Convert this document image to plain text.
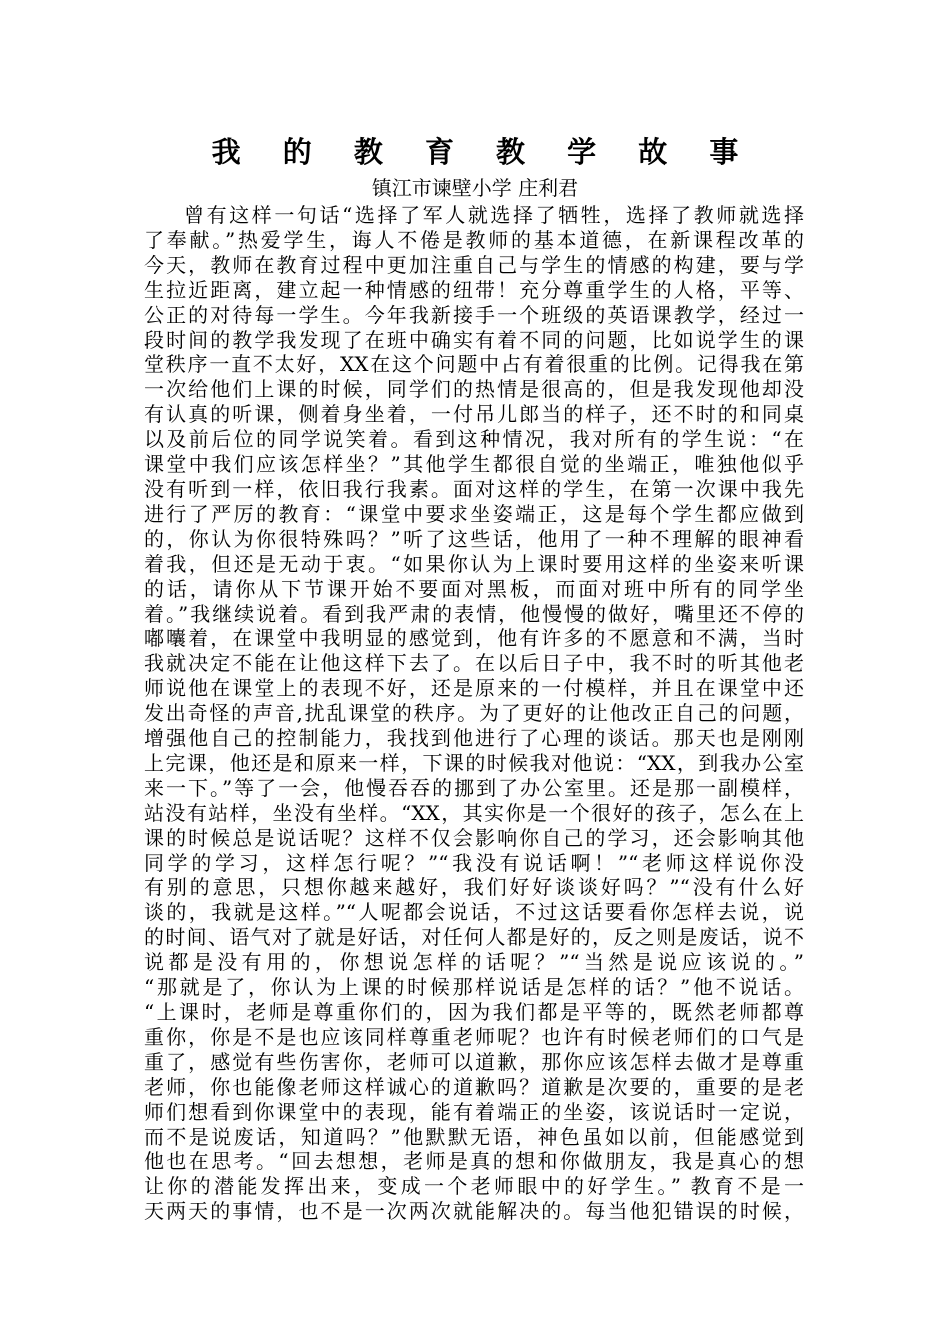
我 的 教 育 教 学 故 事
镇江市谏壁小学 庄利君
曾有这样一句话“选择了军人就选择了牺牲，选择了教师就选择
了奉献。”热爱学生，诲人不倦是教师的基本道德，在新课程改革的
今天，教师在教育过程中更加注重自己与学生的情感的构建，要与学
生拉近距离，建立起一种情感的纽带！充分尊重学生的人格，平等、
公正的对待每一学生。今年我新接手一个班级的英语课教学，经过一
段时间的教学我发现了在班中确实有着不同的问题，比如说学生的课
堂秩序一直不太好，XX在这个问题中占有着很重的比例。记得我在第
一次给他们上课的时候，同学们的热情是很高的，但是我发现他却没
有认真的听课，侧着身坐着，一付吊儿郎当的样子，还不时的和同桌
以及前后位的同学说笑着。看到这种情况，我对所有的学生说：“在
课堂中我们应该怎样坐？”其他学生都很自觉的坐端正，唯独他似乎
没有听到一样，依旧我行我素。面对这样的学生，在第一次课中我先
进行了严厉的教育：“课堂中要求坐姿端正，这是每个学生都应做到
的，你认为你很特殊吗？”听了这些话，他用了一种不理解的眼神看
着我，但还是无动于衷。“如果你认为上课时要用这样的坐姿来听课
的话，请你从下节课开始不要面对黑板，而面对班中所有的同学坐
着。”我继续说着。看到我严肃的表情，他慢慢的做好，嘴里还不停的
嘟囔着，在课堂中我明显的感觉到，他有许多的不愿意和不满，当时
我就决定不能在让他这样下去了。在以后日子中，我不时的听其他老
师说他在课堂上的表现不好，还是原来的一付模样，并且在课堂中还
发出奇怪的声音,扰乱课堂的秩序。为了更好的让他改正自己的问题，
增强他自己的控制能力，我找到他进行了心理的谈话。那天也是刚刚
上完课，他还是和原来一样，下课的时候我对他说：“XX，到我办公室
来一下。”等了一会，他慢吞吞的挪到了办公室里。还是那一副模样，
站没有站样，坐没有坐样。“XX，其实你是一个很好的孩子，怎么在上
课的时候总是说话呢？这样不仅会影响你自己的学习，还会影响其他
同学的学习，这样怎行呢？”“我没有说话啊！”“老师这样说你没
有别的意思，只想你越来越好，我们好好谈谈好吗？”“没有什么好
谈的，我就是这样。”“人呢都会说话，不过这话要看你怎样去说，说
的时间、语气对了就是好话，对任何人都是好的，反之则是废话，说不
说都是没有用的，你想说怎样的话呢？”“当然是说应该说的。”
“那就是了，你认为上课的时候那样说话是怎样的话？”他不说话。
“上课时，老师是尊重你们的，因为我们都是平等的，既然老师都尊
重你，你是不是也应该同样尊重老师呢？也许有时候老师们的口气是
重了，感觉有些伤害你，老师可以道歉，那你应该怎样去做才是尊重
老师，你也能像老师这样诚心的道歉吗？道歉是次要的，重要的是老
师们想看到你课堂中的表现，能有着端正的坐姿，该说话时一定说，
而不是说废话，知道吗？”他默默无语，神色虽如以前，但能感觉到
他也在思考。“回去想想，老师是真的想和你做朋友，我是真心的想
让你的潜能发挥出来，变成一个老师眼中的好学生。” 教育不是一
天两天的事情，也不是一次两次就能解决的。每当他犯错误的时候，
